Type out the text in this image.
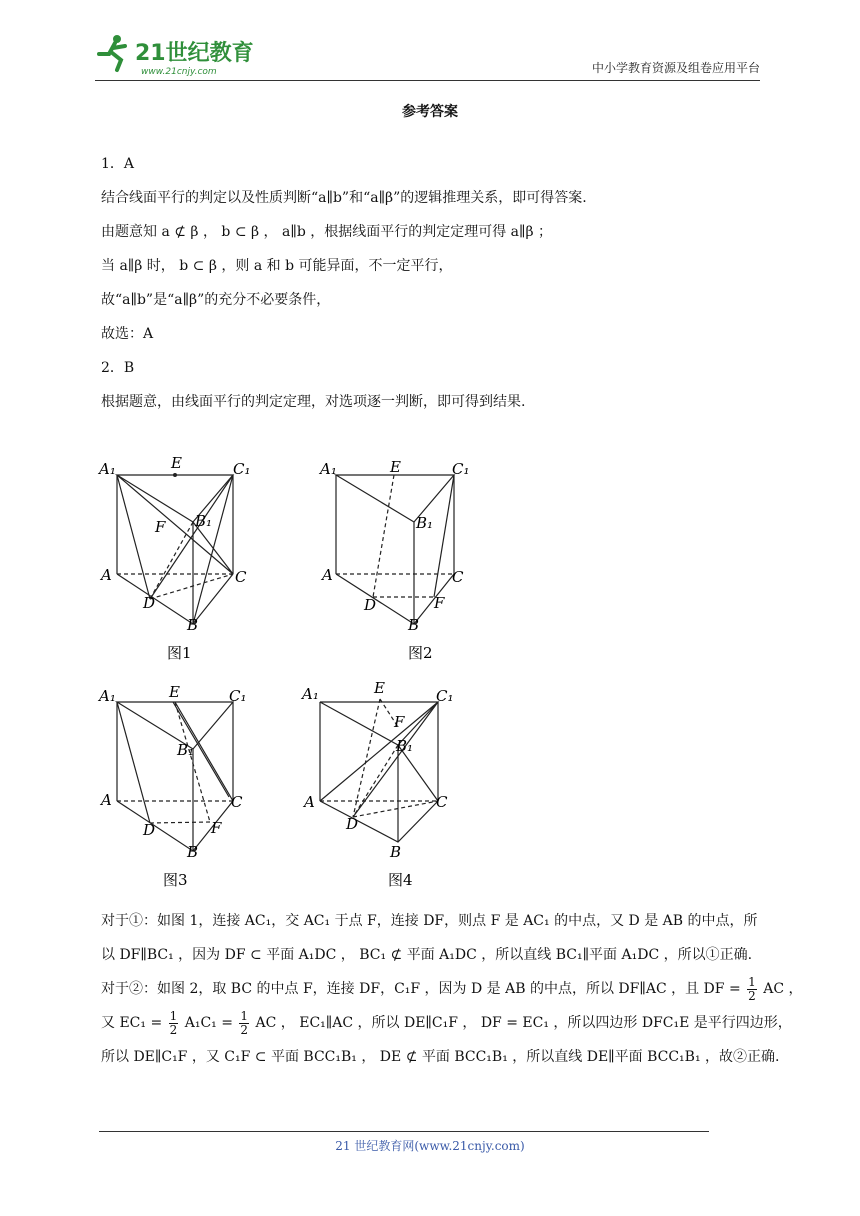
21世纪教育
www.21cnjy.com	中小学教育资源及组卷应用平台
参考答案
1．A
结合线面平行的判定以及性质判断“a∥b”和“a∥β”的逻辑推理关系，即可得答案.
由题意知 a ⊄ β ， b ⊂ β ， a∥b ，根据线面平行的判定定理可得 a∥β ；
当 a∥β 时， b ⊂ β ，则 a 和 b 可能异面，不一定平行，
故“a∥b”是“a∥β”的充分不必要条件，
故选：A
2．B
根据题意，由线面平行的判定定理，对选项逐一判断，即可得到结果.
A₁	E	C₁
B₁
F
A	C
D
B
图1
A₁	E	C₁
B₁
A	C
D	F
B
图2
A₁	E	C₁
B₁
A	C
D	F
B
图3
A₁	E	C₁
F
B₁
A	C
D
B
图4
对于①：如图 1，连接 AC₁，交 AC₁ 于点 F，连接 DF，则点 F 是 AC₁ 的中点，又 D 是 AB 的中点，所
以 DF∥BC₁ ，因为 DF ⊂ 平面 A₁DC ， BC₁ ⊄ 平面 A₁DC ，所以直线 BC₁∥平面 A₁DC ，所以①正确.
对于②：如图 2，取 BC 的中点 F，连接 DF，C₁F ，因为 D 是 AB 的中点，所以 DF∥AC ，且 DF = $\frac{1}{2}$ AC ，
又 $EC_1 = \frac{1}{2} A_1C_1 = \frac{1}{2}$ AC ， EC₁∥AC ，所以 DE∥C₁F ， DF = EC₁ ，所以四边形 DFC₁E 是平行四边形，
所以 DE∥C₁F ，又 C₁F ⊂ 平面 BCC₁B₁ ， DE ⊄ 平面 BCC₁B₁ ，所以直线 DE∥平面 BCC₁B₁ ，故②正确.
21 世纪教育网(www.21cnjy.com)
